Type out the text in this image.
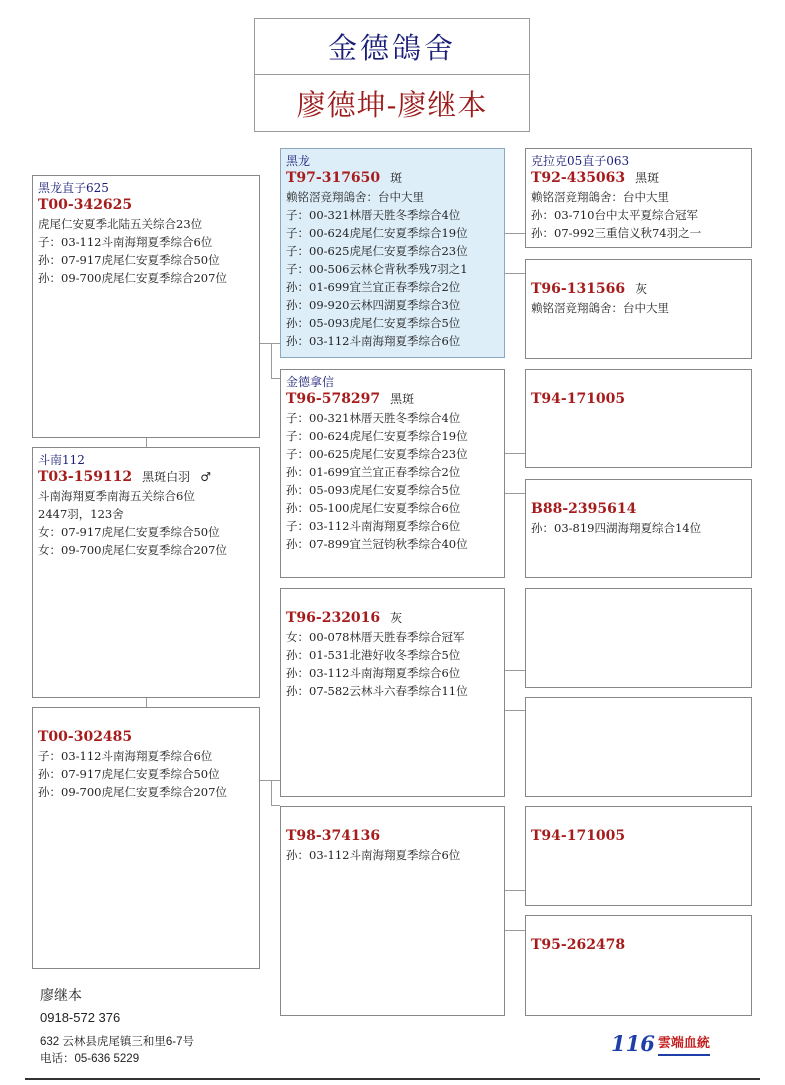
金德鴿舍
廖德坤-廖继本
黑龙直子625
T00-342625
虎尾仁安夏季北陆五关综合23位
子：03-112斗南海翔夏季综合6位
孙：07-917虎尾仁安夏季综合50位
孙：09-700虎尾仁安夏季综合207位
斗南112
T03-159112 黑斑白羽 ♂
斗南海翔夏季南海五关综合6位
2447羽，123舍
女：07-917虎尾仁安夏季综合50位
女：09-700虎尾仁安夏季综合207位
T00-302485
子：03-112斗南海翔夏季综合6位
孙：07-917虎尾仁安夏季综合50位
孙：09-700虎尾仁安夏季综合207位
黑龙
T97-317650 斑
赖铭滘竞翔鴿舍：台中大里
子：00-321林厝天胜冬季综合4位
子：00-624虎尾仁安夏季综合19位
子：00-625虎尾仁安夏季综合23位
子：00-506云林仑背秋季残7羽之1
孙：01-699宜兰宜正春季综合2位
孙：09-920云林四湖夏季综合3位
孙：05-093虎尾仁安夏季综合5位
孙：03-112斗南海翔夏季综合6位
金德拿信
T96-578297 黑斑
子：00-321林厝天胜冬季综合4位
子：00-624虎尾仁安夏季综合19位
子：00-625虎尾仁安夏季综合23位
孙：01-699宜兰宜正春季综合2位
孙：05-093虎尾仁安夏季综合5位
孙：05-100虎尾仁安夏季综合6位
子：03-112斗南海翔夏季综合6位
孙：07-899宜兰冠钧秋季综合40位
T96-232016 灰
女：00-078林厝天胜春季综合冠军
孙：01-531北港好收冬季综合5位
孙：03-112斗南海翔夏季综合6位
孙：07-582云林斗六春季综合11位
T98-374136
孙：03-112斗南海翔夏季综合6位
克拉克05直子063
T92-435063 黑斑
赖铭滘竞翔鴿舍：台中大里
孙：03-710台中太平夏综合冠军
孙：07-992三重信义秋74羽之一
T96-131566 灰
赖铭滘竞翔鴿舍：台中大里
T94-171005
B88-2395614
孙：03-819四湖海翔夏综合14位
T94-171005
T95-262478
廖继本
0918-572 376
632 云林县虎尾镇三和里6-7号
电话：05-636 5229
116 雲端血統
